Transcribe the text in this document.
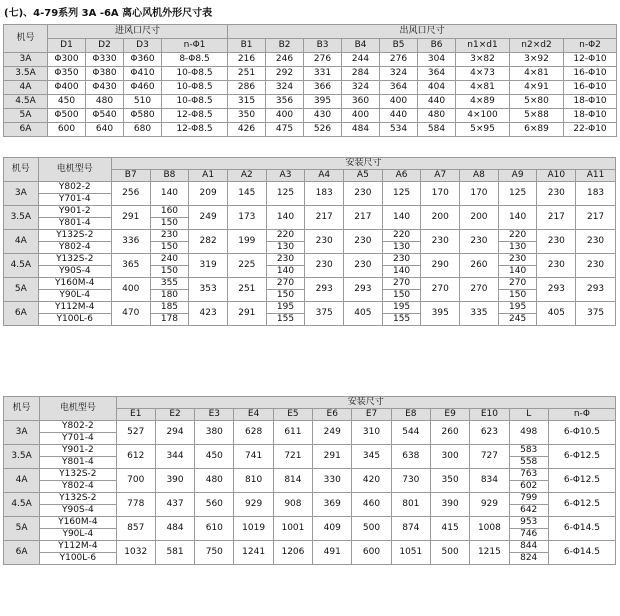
(七)、4-79系列 3A -6A 离心风机外形尺寸表
机号	进风口尺寸				出风口尺寸								
	D1	D2	D3	n-Φ1	B1	B2	B3	B4	B5	B6	n1×d1	n2×d2	n-Φ2
3A	Φ300	Φ330	Φ360	8-Φ8.5	216	246	276	244	276	304	3×82	3×92	12-Φ10
3.5A	Φ350	Φ380	Φ410	10-Φ8.5	251	292	331	284	324	364	4×73	4×81	16-Φ10
4A	Φ400	Φ430	Φ460	10-Φ8.5	286	324	366	324	364	404	4×81	4×91	16-Φ10
4.5A	450	480	510	10-Φ8.5	315	356	395	360	400	440	4×89	5×80	18-Φ10
5A	Φ500	Φ540	Φ580	12-Φ8.5	350	400	430	400	440	480	4×100	5×88	18-Φ10
6A	600	640	680	12-Φ8.5	426	475	526	484	534	584	5×95	6×89	22-Φ10
机号	电机型号	安装尺寸												
		B7	B8	A1	A2	A3	A4	A5	A6	A7	A8	A9	A10	A11
3A	Y802-2	256	140	209	145	125	183	230	125	170	170	125	230	183
	Y701-4													
3.5A	Y901-2	291	160	249	173	140	217	217	140	200	200	140	217	217
	Y801-4		150											
4A	Y132S-2	336	230	282	199	220	230	230	220	230	230	220	230	230
	Y802-4		150			130			130			130		
4.5A	Y132S-2	365	240	319	225	230	230	230	230	290	260	230	230	230
	Y90S-4		150			140			140			140		
5A	Y160M-4	400	355	353	251	270	293	293	270	270	270	270	293	293
	Y90L-4		180			150			150			150		
6A	Y112M-4	470	185	423	291	195	375	405	195	395	335	195	405	375
	Y100L-6		178			155			155			245		
机号	电机型号	安装尺寸											
		E1	E2	E3	E4	E5	E6	E7	E8	E9	E10	L	n-Φ
3A	Y802-2	527	294	380	628	611	249	310	544	260	623	498	6-Φ10.5
	Y701-4												
3.5A	Y901-2	612	344	450	741	721	291	345	638	300	727	583	6-Φ12.5
	Y801-4											558	
4A	Y132S-2	700	390	480	810	814	330	420	730	350	834	763	6-Φ12.5
	Y802-4											602	
4.5A	Y132S-2	778	437	560	929	908	369	460	801	390	929	799	6-Φ12.5
	Y90S-4											642	
5A	Y160M-4	857	484	610	1019	1001	409	500	874	415	1008	953	6-Φ14.5
	Y90L-4											746	
6A	Y112M-4	1032	581	750	1241	1206	491	600	1051	500	1215	844	6-Φ14.5
	Y100L-6											824	
